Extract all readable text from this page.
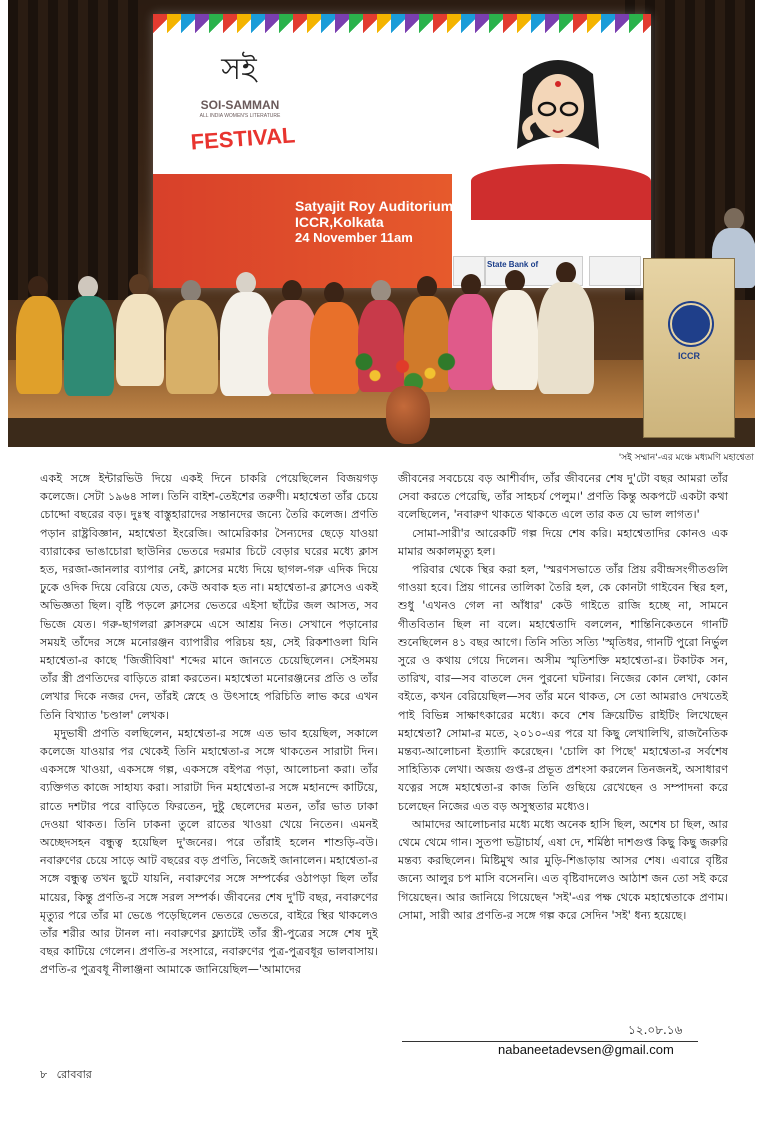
সই
SOI-SAMMAN
ALL INDIA WOMEN'S LITERATURE
FESTIVAL
Satyajit Roy Auditorium
ICCR,Kolkata
24 November 11am
State Bank of
ICCR
'সই সম্মান'-এর মঞ্চে মধ্যমণি মহাশ্বেতা

একই সঙ্গে ইন্টারভিউ দিয়ে একই দিনে চাকরি পেয়েছিলেন বিজয়গড় কলেজে। সেটা ১৯৬৪ সাল। তিনি বাইশ-তেইশের তরুণী। মহাশ্বেতা তাঁর চেয়ে চোদ্দো বছরের বড়। দুঃস্থ বাস্তুহারাদের সন্তানদের জন্যে তৈরি কলেজ। প্রণতি পড়ান রাষ্ট্রবিজ্ঞান, মহাশ্বেতা ইংরেজি। আমেরিকার সৈন্যদের ছেড়ে যাওয়া ব্যারাকের ভাঙাচোরা ছাউনির ভেতরে দরমার চিটে বেড়ার ঘরের মধ্যে ক্লাস হত, দরজা-জানলার ব্যাপার নেই, ক্লাসের মধ্যে দিয়ে ছাগল-গরু এদিক দিয়ে ঢুকে ওদিক দিয়ে বেরিয়ে যেত, কেউ অবাক হত না। মহাশ্বেতা-র ক্লাসেও একই অভিজ্ঞতা ছিল। বৃষ্টি পড়লে ক্লাসের ভেতরে এইসা ছাঁটের জল আসত, সব ভিজে যেত। গরু-ছাগলরা ক্লাসরুমে এসে আশ্রয় নিত। সেখানে পড়ানোর সময়ই তাঁদের সঙ্গে মনোরঞ্জন ব্যাপারীর পরিচয় হয়, সেই রিকশাওলা যিনি মহাশ্বেতা-র কাছে 'জিজীবিষা' শব্দের মানে জানতে চেয়েছিলেন। সেইসময় তাঁর স্ত্রী প্রণতিদের বাড়িতে রান্না করতেন। মহাশ্বেতা মনোরঞ্জনের প্রতি ও তাঁর লেখার দিকে নজর দেন, তাঁরই স্নেহে ও উৎসাহে পরিচিতি লাভ করে এখন তিনি বিখ্যাত 'চণ্ডাল' লেখক।

মৃদুভাষী প্রণতি বলছিলেন, মহাশ্বেতা-র সঙ্গে এত ভাব হয়েছিল, সকালে কলেজে যাওয়ার পর থেকেই তিনি মহাশ্বেতা-র সঙ্গে থাকতেন সারাটা দিন। একসঙ্গে খাওয়া, একসঙ্গে গল্প, একসঙ্গে বইপত্র পড়া, আলোচনা করা। তাঁর ব্যক্তিগত কাজে সাহায্য করা। সারাটা দিন মহাশ্বেতা-র সঙ্গে মহানন্দে কাটিয়ে, রাতে দশটার পরে বাড়িতে ফিরতেন, দুষ্টু ছেলেদের মতন, তাঁর ভাত ঢাকা দেওয়া থাকত। তিনি ঢাকনা তুলে রাতের খাওয়া খেয়ে নিতেন। এমনই অচ্ছেদসহন বন্ধুত্ব হয়েছিল দু'জনের। পরে তাঁরাই হলেন শাশুড়ি-বউ। নবারুণের চেয়ে সাড়ে আট বছরের বড় প্রণতি, নিজেই জানালেন। মহাশ্বেতা-র সঙ্গে বন্ধুত্ব তখন ছুটে যায়নি, নবারুণের সঙ্গে সম্পর্কের ওঠাপড়া ছিল তাঁর মায়ের, কিন্তু প্রণতি-র সঙ্গে সরল সম্পর্ক। জীবনের শেষ দু'টি বছর, নবারুণের মৃত্যুর পরে তাঁর মা ভেঙে পড়েছিলেন ভেতরে ভেতরে, বাইরে স্থির থাকলেও তাঁর শরীর আর টানল না। নবারুণের ফ্ল্যাটেই তাঁর স্ত্রী-পুত্রের সঙ্গে শেষ দুই বছর কাটিয়ে গেলেন। প্রণতি-র সংসারে, নবারুণের পুত্র-পুত্রবধূর ভালবাসায়। প্রণতি-র পুত্রবধূ নীলাঞ্জনা আমাকে জানিয়েছিল—'আমাদের

জীবনের সবচেয়ে বড় আশীর্বাদ, তাঁর জীবনের শেষ দু'টো বছর আমরা তাঁর সেবা করতে পেরেছি, তাঁর সাহচর্য পেলুম।' প্রণতি কিন্তু অকপটে একটা কথা বলেছিলেন, 'নবারুণ থাকতে থাকতে এলে তার কত যে ভাল লাগত।'

সোমা-সারী'র আরেকটি গল্প দিয়ে শেষ করি। মহাশ্বেতাদির কোনও এক মামার অকালমৃত্যু হল।

পরিবার থেকে স্থির করা হল, 'স্মরণসভাতে তাঁর প্রিয় রবীন্দ্রসংগীতগুলি গাওয়া হবে। প্রিয় গানের তালিকা তৈরি হল, কে কোনটা গাইবেন স্থির হল, শুধু 'এখনও গেল না আঁধার' কেউ গাইতে রাজি হচ্ছে না, সামনে গীতবিতান ছিল না বলে। মহাশ্বেতাদি বললেন, শান্তিনিকেতনে গানটি শুনেছিলেন ৪১ বছর আগে। তিনি সত্যি সত্যি 'স্মৃতিধর, গানটি পুরো নির্ভুল সুরে ও কথায় গেয়ে দিলেন। অসীম স্মৃতিশক্তি মহাশ্বেতা-র। টকাটক সন, তারিখ, বার—সব বাতলে দেন পুরনো ঘটনার। নিজের কোন লেখা, কোন বইতে, কখন বেরিয়েছিল—সব তাঁর মনে থাকত, সে তো আমরাও দেখতেই পাই বিভিন্ন সাক্ষাৎকারের মধ্যে। কবে শেষ ক্রিয়েটিভ রাইটিং লিখেছেন মহাশ্বেতা? সোমা-র মতে, ২০১০-এর পরে যা কিছু লেখালিখি, রাজনৈতিক মন্তব্য-আলোচনা ইত্যাদি করেছেন। 'চোলি কা পিছে' মহাশ্বেতা-র সর্বশেষ সাহিত্যিক লেখা। অজয় গুপ্ত-র প্রভূত প্রশংসা করলেন তিনজনই, অসাধারণ যত্নের সঙ্গে মহাশ্বেতা-র কাজ তিনি গুছিয়ে রেখেছেন ও সম্পাদনা করে চলেছেন নিজের এত বড় অসুস্থতার মধ্যেও।

আমাদের আলোচনার মধ্যে মধ্যে অনেক হাসি ছিল, অশেষ চা ছিল, আর থেমে থেমে গান। সুতপা ভট্টাচার্য, এষা দে, শর্মিষ্ঠা দাশগুপ্ত কিছু কিছু জরুরি মন্তব্য করছিলেন। মিষ্টিমুখ আর মুড়ি-শিঙাড়ায় আসর শেষ। এবারে বৃষ্টির জন্যে আলুর চপ মাসি বসেননি। এত বৃষ্টিবাদলেও আঠাশ জন তো সই করে গিয়েছেন। আর জানিয়ে গিয়েছেন 'সই'-এর পক্ষ থেকে মহাশ্বেতাকে প্রণাম। সোমা, সারী আর প্রণতি-র সঙ্গে গল্প করে সেদিন 'সই' ধন্য হয়েছে।

১২.০৮.১৬
nabaneetadevsen@gmail.com
৮ রোববার
